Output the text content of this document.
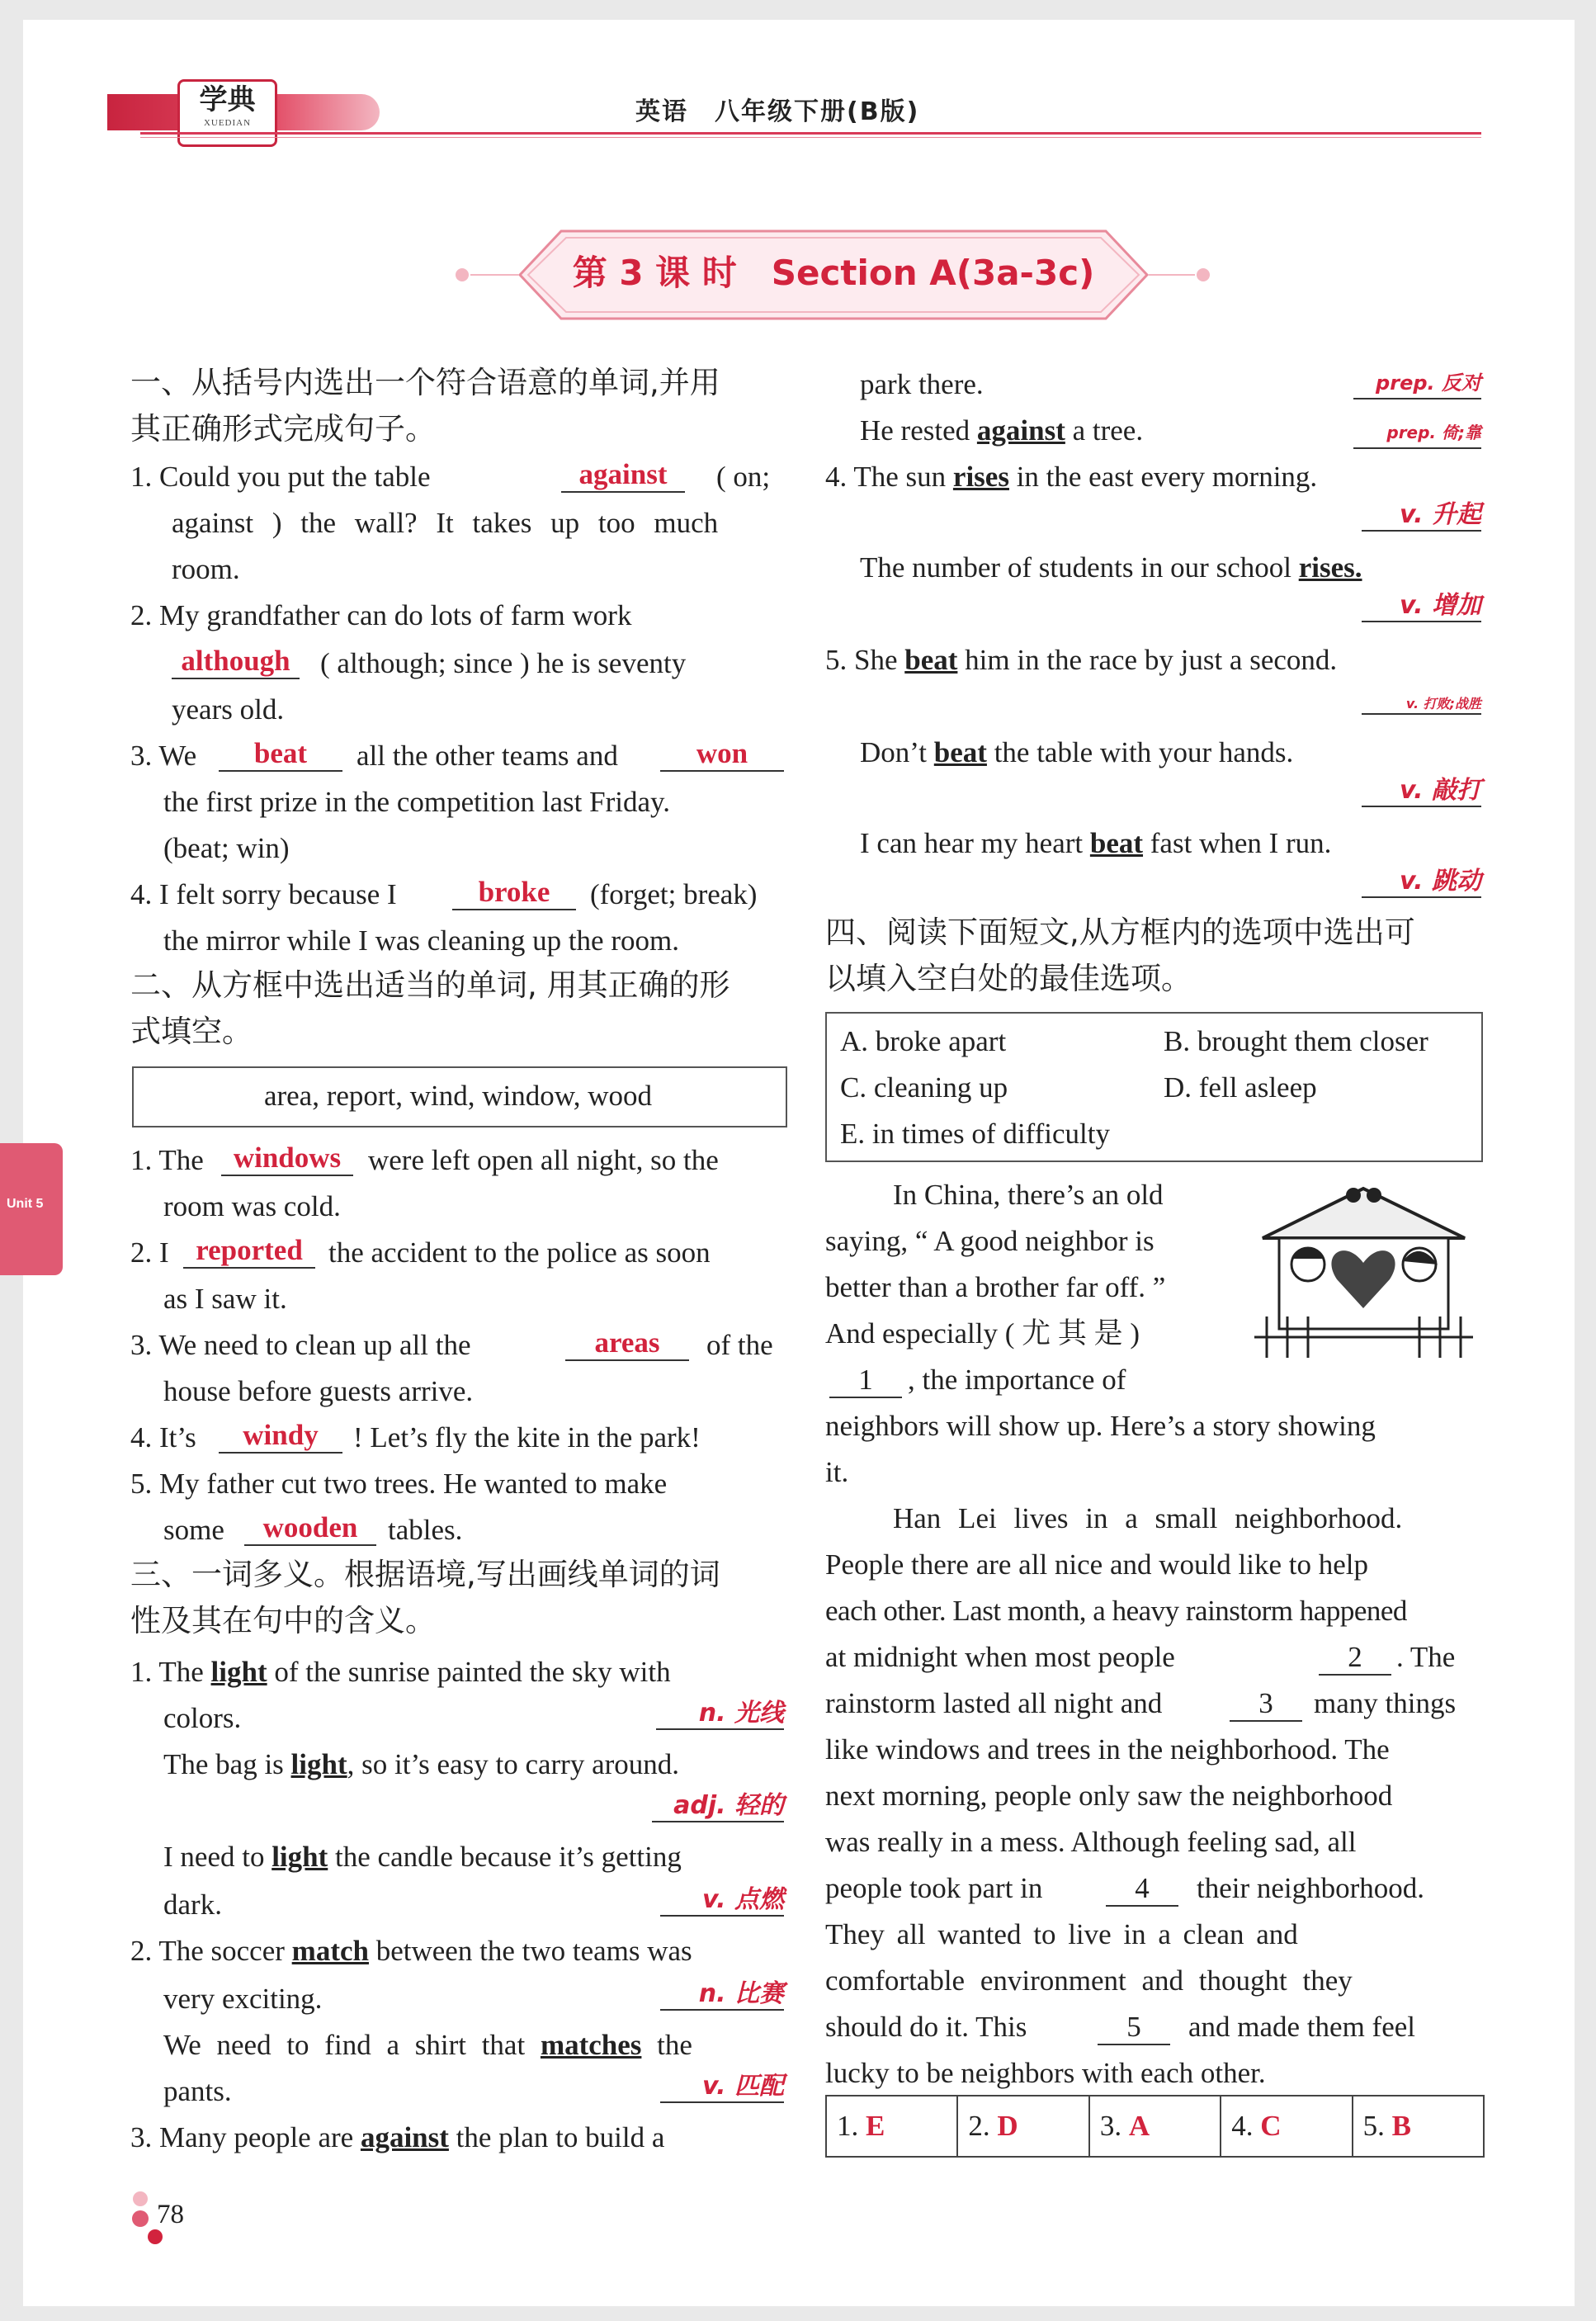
学典
XUEDIAN	英语　八年级下册(B版)
第 3 课 时　Section A(3a-3c)
Unit 5
一、从括号内选出一个符合语意的单词,并用
其正确形式完成句子。
1. Could you put the table	against	( on;
against ) the wall? It takes up too much
room.
2. My grandfather can do lots of farm work
although	( although; since ) he is seventy
years old.
3. We	beat	all the other teams and	won
the first prize in the competition last Friday.
(beat; win)
4. I felt sorry because I	broke	(forget; break)
the mirror while I was cleaning up the room.
二、从方框中选出适当的单词, 用其正确的形
式填空。
area, report, wind, window, wood
1. The	windows were left open all night, so the
room was cold.
2. I reported the accident to the police as soon
as I saw it.
3. We need to clean up all the	areas	of the
house before guests arrive.
4. It’s	windy	! Let’s fly the kite in the park!
5. My father cut two trees. He wanted to make
some	wooden	tables.
三、一词多义。根据语境,写出画线单词的词
性及其在句中的含义。
1. The light of the sunrise painted the sky with
colors.	n. 光线
The bag is light, so it’s easy to carry around.
adj. 轻的
I need to light the candle because it’s getting
dark.	v. 点燃
2. The soccer match between the two teams was
very exciting.	n. 比赛
We need to find a shirt that matches the
pants.	v. 匹配
3. Many people are against the plan to build a
park there.	prep. 反对
He rested against a tree.	prep. 倚;靠
4. The sun rises in the east every morning.
v. 升起
The number of students in our school rises.
v. 增加
5. She beat him in the race by just a second.
v. 打败;战胜
Don’t beat the table with your hands.
v. 敲打
I can hear my heart beat fast when I run.
v. 跳动
四、阅读下面短文,从方框内的选项中选出可
以填入空白处的最佳选项。
A. broke apart	B. brought them closer
C. cleaning up	D. fell asleep
E. in times of difficulty
In China, there’s an old
saying, “ A good neighbor is
better than a brother far off. ”
And especially ( 尤 其 是 )
1	, the importance of
neighbors will show up. Here’s a story showing
it.
Han Lei lives in a small neighborhood.
People there are all nice and would like to help
each other. Last month, a heavy rainstorm happened
at midnight when most people	2	. The
rainstorm lasted all night and	3	many things
like windows and trees in the neighborhood. The
next morning, people only saw the neighborhood
was really in a mess. Although feeling sad, all
people took part in	4	their neighborhood.
They all wanted to live in a clean and
comfortable environment and thought they
should do it. This	5	and made them feel
lucky to be neighbors with each other.
1. E	2. D	3. A	4. C	5. B
78
